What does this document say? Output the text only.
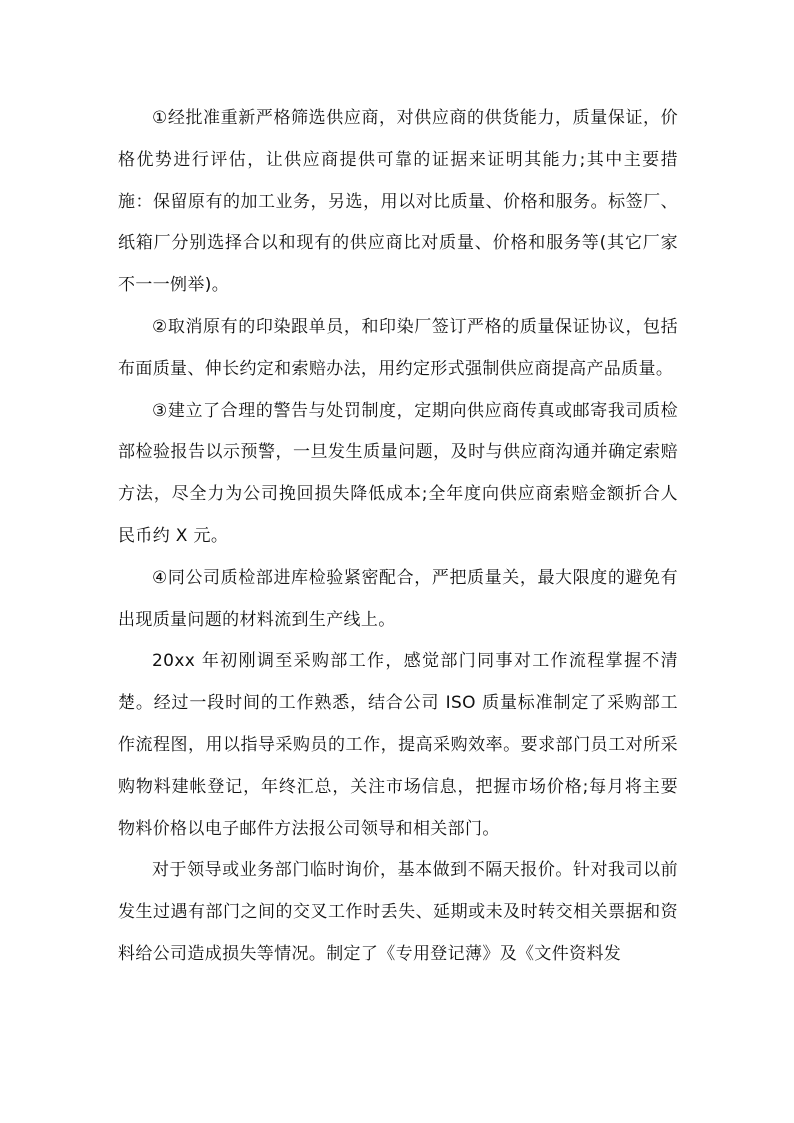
①经批准重新严格筛选供应商，对供应商的供货能力，质量保证，价格优势进行评估，让供应商提供可靠的证据来证明其能力;其中主要措施：保留原有的加工业务，另选，用以对比质量、价格和服务。标签厂、纸箱厂分别选择合以和现有的供应商比对质量、价格和服务等(其它厂家不一一例举)。

②取消原有的印染跟单员，和印染厂签订严格的质量保证协议，包括布面质量、伸长约定和索赔办法，用约定形式强制供应商提高产品质量。

③建立了合理的警告与处罚制度，定期向供应商传真或邮寄我司质检部检验报告以示预警，一旦发生质量问题，及时与供应商沟通并确定索赔方法，尽全力为公司挽回损失降低成本;全年度向供应商索赔金额折合人民币约 X 元。

④同公司质检部进库检验紧密配合，严把质量关，最大限度的避免有出现质量问题的材料流到生产线上。

20xx 年初刚调至采购部工作，感觉部门同事对工作流程掌握不清楚。经过一段时间的工作熟悉，结合公司 ISO 质量标准制定了采购部工作流程图，用以指导采购员的工作，提高采购效率。要求部门员工对所采购物料建帐登记，年终汇总，关注市场信息，把握市场价格;每月将主要物料价格以电子邮件方法报公司领导和相关部门。

对于领导或业务部门临时询价，基本做到不隔天报价。针对我司以前发生过遇有部门之间的交叉工作时丢失、延期或未及时转交相关票据和资料给公司造成损失等情况。制定了《专用登记薄》及《文件资料发
